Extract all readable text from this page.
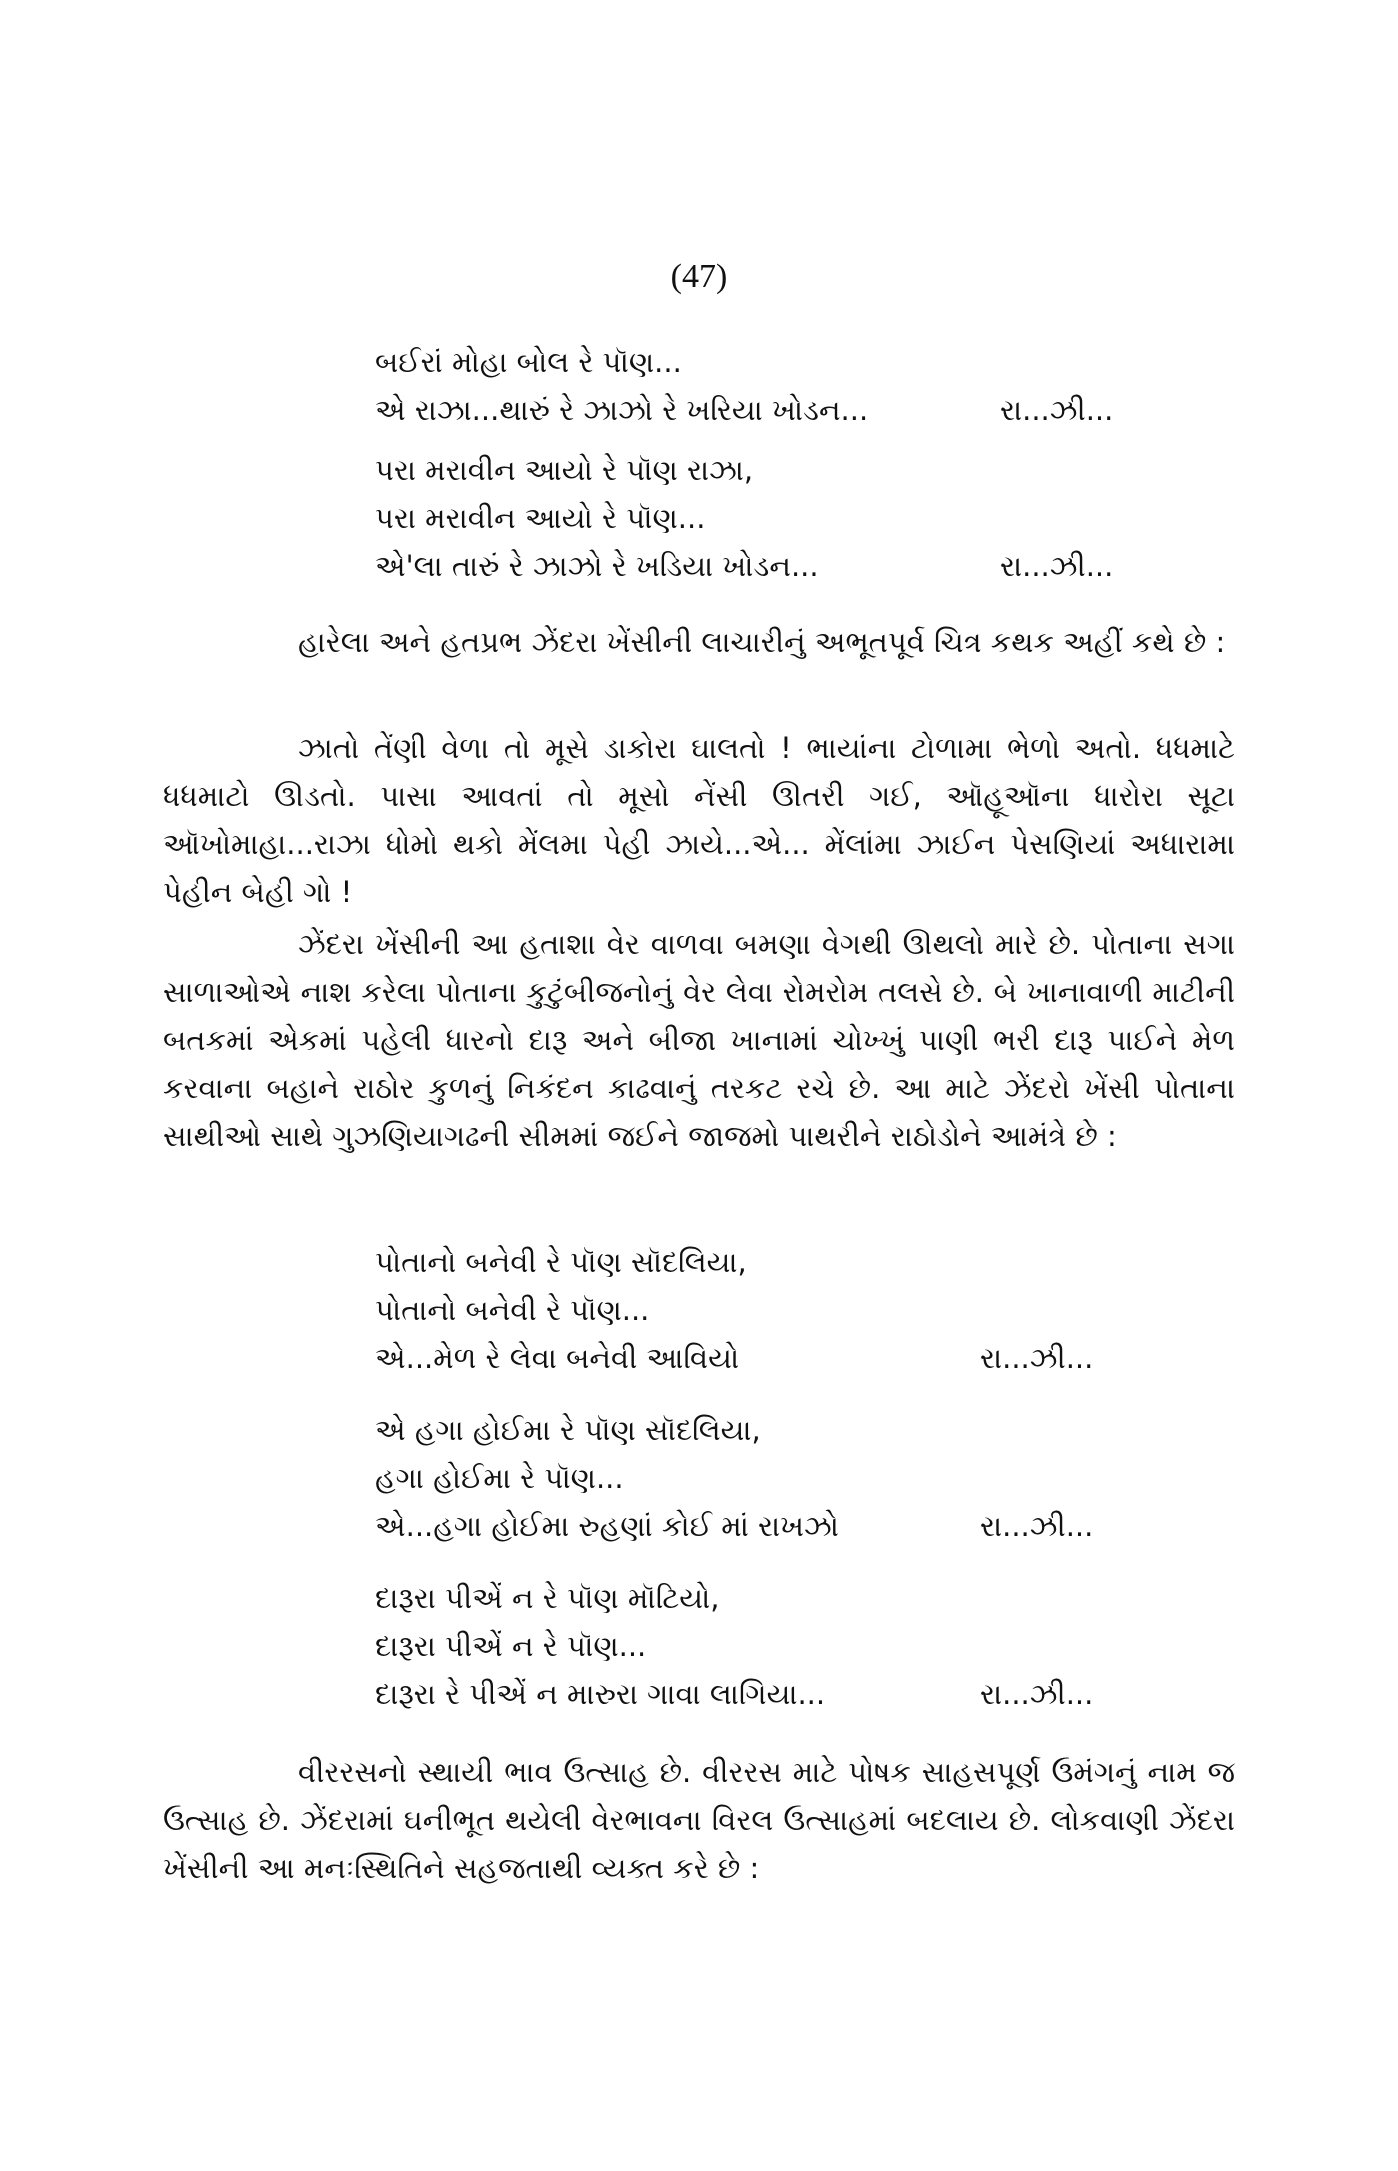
(47)
બઈરાં મોહા બોલ રે પૉણ...
એ રાઝા...થારું રે ઝાઝો રે ખરિયા ખોડન...	રા...ઝી...
પરા મરાવીન આયો રે પૉણ રાઝા,
પરા મરાવીન આયો રે પૉણ...
એ'લા તારું રે ઝાઝો રે ખડિયા ખોડન...	રા...ઝી...

હારેલા અને હતપ્રભ ઝેંદરા ખેંસીની લાચારીનું અભૂતપૂર્વ ચિત્ર કથક અહીં કથે છે :

ઝાતો તેંણી વેળા તો મૂસે ડાકોરા ઘાલતો ! ભાયાંના ટોળામા ભેળો અતો. ધધમાટે ધધમાટો ઊડતો. પાસા આવતાં તો મૂસો નેંસી ઊતરી ગઈ, ઑહૂઑના ધારોરા સૂટા ઑખોમાહા...રાઝા ધોમો થકો મેંલમા પેહી ઝાયે...એ... મેંલાંમા ઝાઈન પેસણિયાં અધારામા પેહીન બેહી ગો !

ઝેંદરા ખેંસીની આ હતાશા વેર વાળવા બમણા વેગથી ઊથલો મારે છે. પોતાના સગા સાળાઓએ નાશ કરેલા પોતાના કુટુંબીજનોનું વેર લેવા રોમરોમ તલસે છે. બે ખાનાવાળી માટીની બતકમાં એકમાં પહેલી ધારનો દારૂ અને બીજા ખાનામાં ચોખ્ખું પાણી ભરી દારૂ પાઈને મેળ કરવાના બહાને રાઠોર કુળનું નિકંદન કાઢવાનું તરકટ રચે છે. આ માટે ઝેંદરો ખેંસી પોતાના સાથીઓ સાથે ગુઝણિયાગઢની સીમમાં જઈને જાજમો પાથરીને રાઠોડોને આમંત્રે છે :

પોતાનો બનેવી રે પૉણ સૉદલિયા,
પોતાનો બનેવી રે પૉણ...
એ...મેળ રે લેવા બનેવી આવિયો	રા...ઝી...
એ હગા હોઈમા રે પૉણ સૉદલિયા,
હગા હોઈમા રે પૉણ...
એ...હગા હોઈમા રુહણાં કોઈ માં રાખઝો	રા...ઝી...
દારૂરા પીએં ન રે પૉણ મૉટિયો,
દારૂરા પીએં ન રે પૉણ...
દારૂરા રે પીએં ન મારુરા ગાવા લાગિયા...	રા...ઝી...

વીરરસનો સ્થાયી ભાવ ઉત્સાહ છે. વીરરસ માટે પોષક સાહસપૂર્ણ ઉમંગનું નામ જ ઉત્સાહ છે. ઝેંદરામાં ઘનીભૂત થયેલી વેરભાવના વિરલ ઉત્સાહમાં બદલાય છે. લોકવાણી ઝેંદરા ખેંસીની આ મનઃસ્થિતિને સહજતાથી વ્યક્ત કરે છે :
